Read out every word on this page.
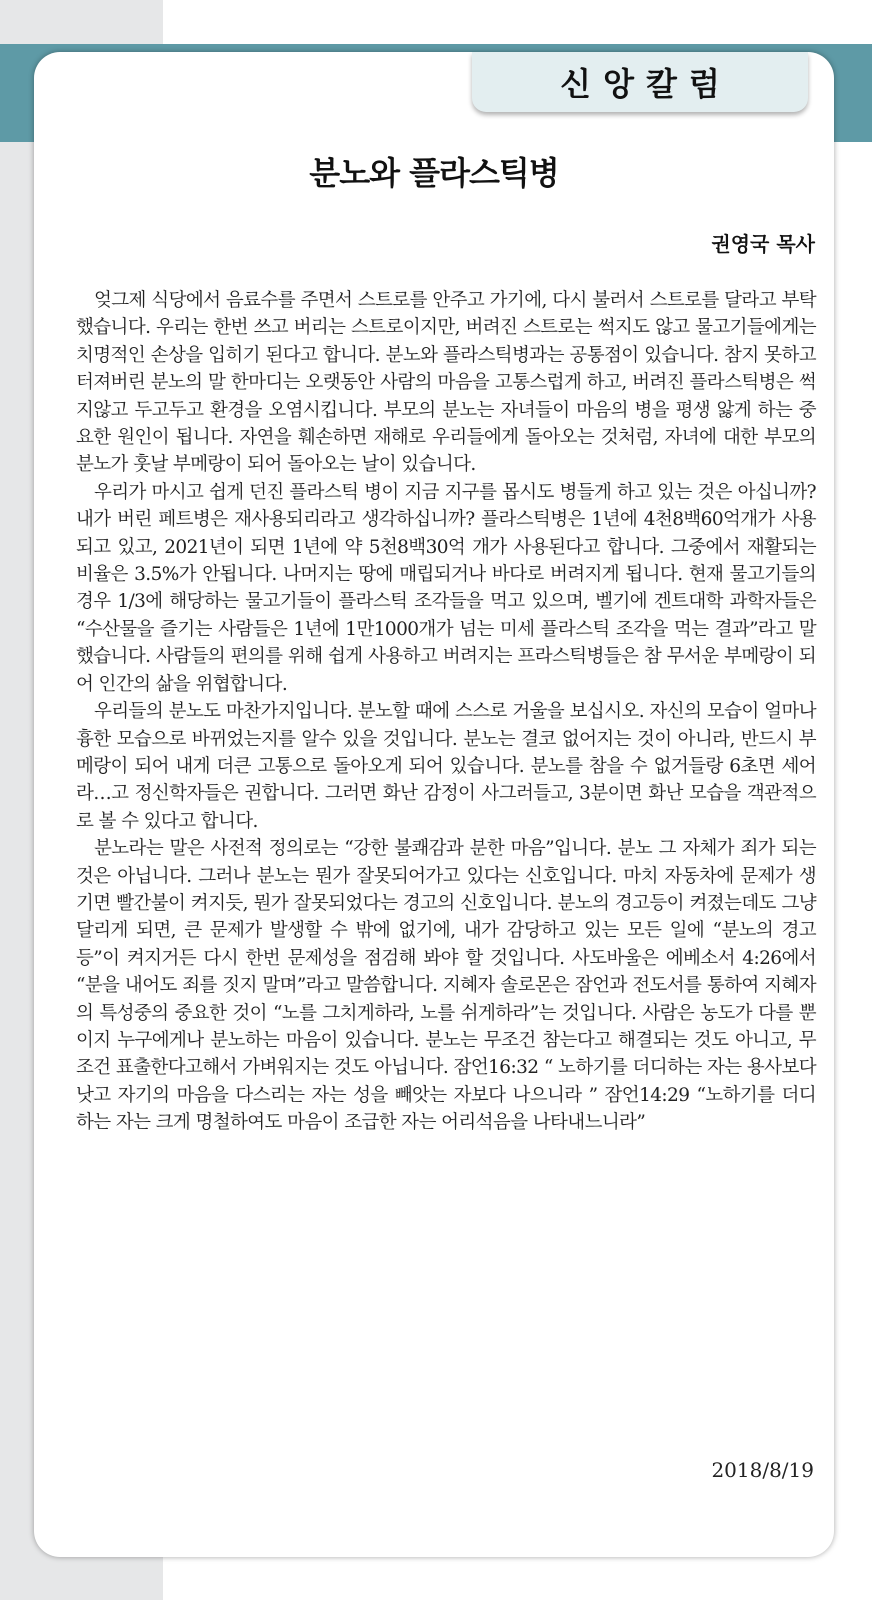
신앙칼럼
분노와 플라스틱병
권영국 목사

엊그제 식당에서 음료수를 주면서 스트로를 안주고 가기에, 다시 불러서 스트로를 달라고 부탁했습니다. 우리는 한번 쓰고 버리는 스트로이지만, 버려진 스트로는 썩지도 않고 물고기들에게는 치명적인 손상을 입히기 된다고 합니다. 분노와 플라스틱병과는 공통점이 있습니다. 참지 못하고 터져버린 분노의 말 한마디는 오랫동안 사람의 마음을 고통스럽게 하고, 버려진 플라스틱병은 썩지않고 두고두고 환경을 오염시킵니다. 부모의 분노는 자녀들이 마음의 병을 평생 앓게 하는 중요한 원인이 됩니다. 자연을 훼손하면 재해로 우리들에게 돌아오는 것처럼, 자녀에 대한 부모의 분노가 훗날 부메랑이 되어 돌아오는 날이 있습니다.

우리가 마시고 쉽게 던진 플라스틱 병이 지금 지구를 몹시도 병들게 하고 있는 것은 아십니까? 내가 버린 페트병은 재사용되리라고 생각하십니까? 플라스틱병은 1년에 4천8백60억개가 사용되고 있고, 2021년이 되면 1년에 약 5천8백30억 개가 사용된다고 합니다. 그중에서 재활되는 비율은 3.5%가 안됩니다. 나머지는 땅에 매립되거나 바다로 버려지게 됩니다. 현재 물고기들의 경우 1/3에 해당하는 물고기들이 플라스틱 조각들을 먹고 있으며, 벨기에 겐트대학 과학자들은 “수산물을 즐기는 사람들은 1년에 1만1000개가 넘는 미세 플라스틱 조각을 먹는 결과”라고 말했습니다. 사람들의 편의를 위해 쉽게 사용하고 버려지는 프라스틱병들은 참 무서운 부메랑이 되어 인간의 삶을 위협합니다.

우리들의 분노도 마찬가지입니다. 분노할 때에 스스로 거울을 보십시오. 자신의 모습이 얼마나 흉한 모습으로 바뀌었는지를 알수 있을 것입니다. 분노는 결코 없어지는 것이 아니라, 반드시 부메랑이 되어 내게 더큰 고통으로 돌아오게 되어 있습니다. 분노를 참을 수 없거들랑 6초면 세어라…고 정신학자들은 권합니다. 그러면 화난 감정이 사그러들고, 3분이면 화난 모습을 객관적으로 볼 수 있다고 합니다.

분노라는 말은 사전적 정의로는 “강한 불쾌감과 분한 마음”입니다. 분노 그 자체가 죄가 되는 것은 아닙니다. 그러나 분노는 뭔가 잘못되어가고 있다는 신호입니다. 마치 자동차에 문제가 생기면 빨간불이 켜지듯, 뭔가 잘못되었다는 경고의 신호입니다. 분노의 경고등이 켜졌는데도 그냥 달리게 되면, 큰 문제가 발생할 수 밖에 없기에, 내가 감당하고 있는 모든 일에 “분노의 경고등”이 켜지거든 다시 한번 문제성을 점검해 봐야 할 것입니다. 사도바울은 에베소서 4:26에서 “분을 내어도 죄를 짓지 말며”라고 말씀합니다. 지혜자 솔로몬은 잠언과 전도서를 통하여 지혜자의 특성중의 중요한 것이 “노를 그치게하라, 노를 쉬게하라”는 것입니다. 사람은 농도가 다를 뿐이지 누구에게나 분노하는 마음이 있습니다. 분노는 무조건 참는다고 해결되는 것도 아니고, 무조건 표출한다고해서 가벼워지는 것도 아닙니다. 잠언16:32 “ 노하기를 더디하는 자는 용사보다 낫고 자기의 마음을 다스리는 자는 성을 빼앗는 자보다 나으니라 ” 잠언14:29 “노하기를 더디 하는 자는 크게 명철하여도 마음이 조급한 자는 어리석음을 나타내느니라”

2018/8/19
